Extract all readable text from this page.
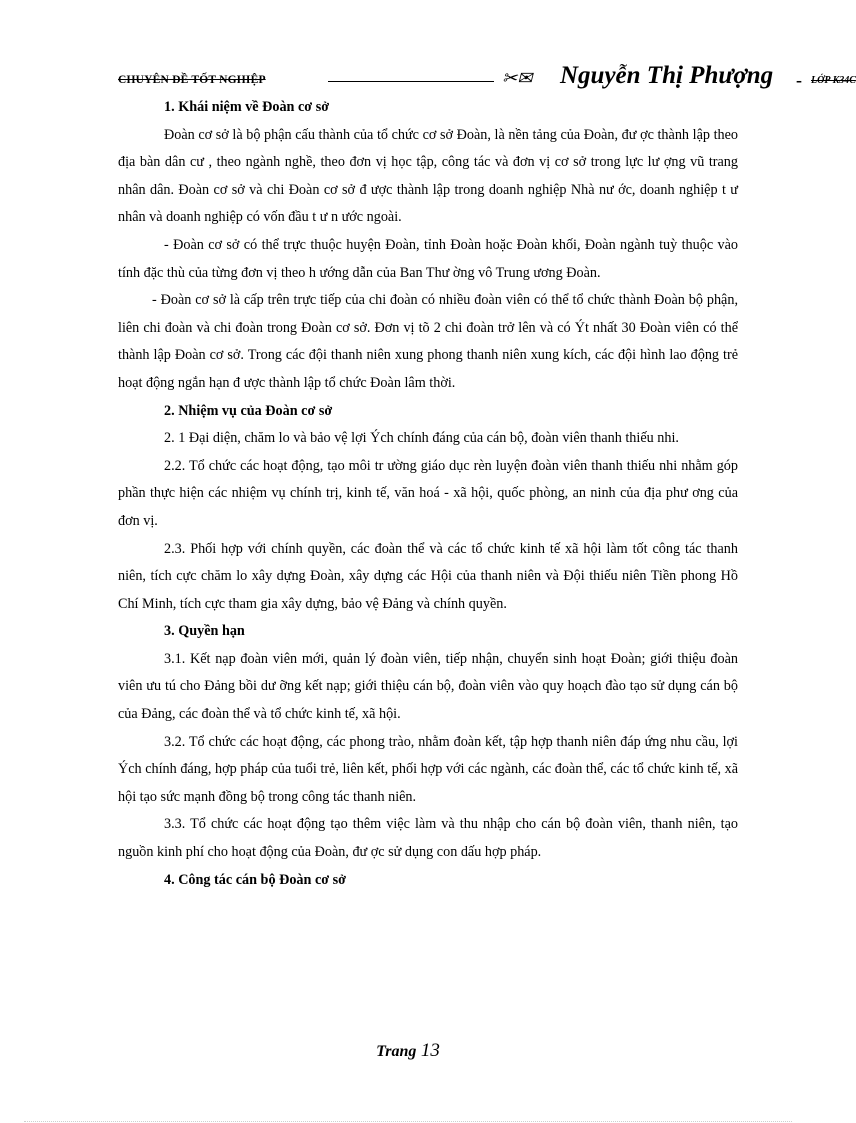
CHUYÊN ĐỀ TỐT NGHIỆP	✂✉ Nguyễn Thị Phượng - LỚP K34C

1. Khái niệm về Đoàn cơ sở

Đoàn cơ sở là bộ phận cấu thành của tổ chức cơ sở Đoàn, là nền tảng của Đoàn, đư ợc thành lập theo địa bàn dân cư , theo ngành nghề, theo đơn vị học tập, công tác và đơn vị cơ sở trong lực lư ợng vũ trang nhân dân. Đoàn cơ sở và chi Đoàn cơ sở đ ược thành lập trong doanh nghiệp Nhà nư ớc, doanh nghiệp t ư nhân và doanh nghiệp có vốn đầu t ư n ước ngoài.

- Đoàn cơ sở có thể trực thuộc huyện Đoàn, tỉnh Đoàn hoặc Đoàn khối, Đoàn ngành tuỳ thuộc vào tính đặc thù của từng đơn vị theo h ướng dẫn của Ban Thư ờng vô Trung ương Đoàn.

- Đoàn cơ sở là cấp trên trực tiếp của chi đoàn có nhiều đoàn viên có thể tổ chức thành Đoàn bộ phận, liên chi đoàn và chi đoàn trong Đoàn cơ sở. Đơn vị tõ 2 chi đoàn trở lên và có Ýt nhất 30 Đoàn viên có thể thành lập Đoàn cơ sở. Trong các đội thanh niên xung phong thanh niên xung kích, các đội hình lao động trẻ hoạt động ngắn hạn đ ược thành lập tổ chức Đoàn lâm thời.

2. Nhiệm vụ của Đoàn cơ sở

2. 1 Đại diện, chăm lo và bảo vệ lợi Ých chính đáng của cán bộ, đoàn viên thanh thiếu nhi.

2.2. Tổ chức các hoạt động, tạo môi tr ường giáo dục rèn luyện đoàn viên thanh thiếu nhi nhằm góp phần thực hiện các nhiệm vụ chính trị, kinh tế, văn hoá - xã hội, quốc phòng, an ninh của địa phư ơng của đơn vị.

2.3. Phối hợp với chính quyền, các đoàn thể và các tổ chức kinh tế xã hội làm tốt công tác thanh niên, tích cực chăm lo xây dựng Đoàn, xây dựng các Hội của thanh niên và Đội thiếu niên Tiền phong Hồ Chí Minh, tích cực tham gia xây dựng, bảo vệ Đảng và chính quyền.

3. Quyền hạn

3.1. Kết nạp đoàn viên mới, quản lý đoàn viên, tiếp nhận, chuyển sinh hoạt Đoàn; giới thiệu đoàn viên ưu tú cho Đảng bồi dư ỡng kết nạp; giới thiệu cán bộ, đoàn viên vào quy hoạch đào tạo sử dụng cán bộ của Đảng, các đoàn thể và tổ chức kinh tế, xã hội.

3.2. Tổ chức các hoạt động, các phong trào, nhằm đoàn kết, tập hợp thanh niên đáp ứng nhu cầu, lợi Ých chính đáng, hợp pháp của tuổi trẻ, liên kết, phối hợp với các ngành, các đoàn thể, các tổ chức kinh tế, xã hội tạo sức mạnh đồng bộ trong công tác thanh niên.

3.3. Tổ chức các hoạt động tạo thêm việc làm và thu nhập cho cán bộ đoàn viên, thanh niên, tạo nguồn kinh phí cho hoạt động của Đoàn, đư ợc sử dụng con dấu hợp pháp.

4. Công tác cán bộ Đoàn cơ sở

Trang 13
